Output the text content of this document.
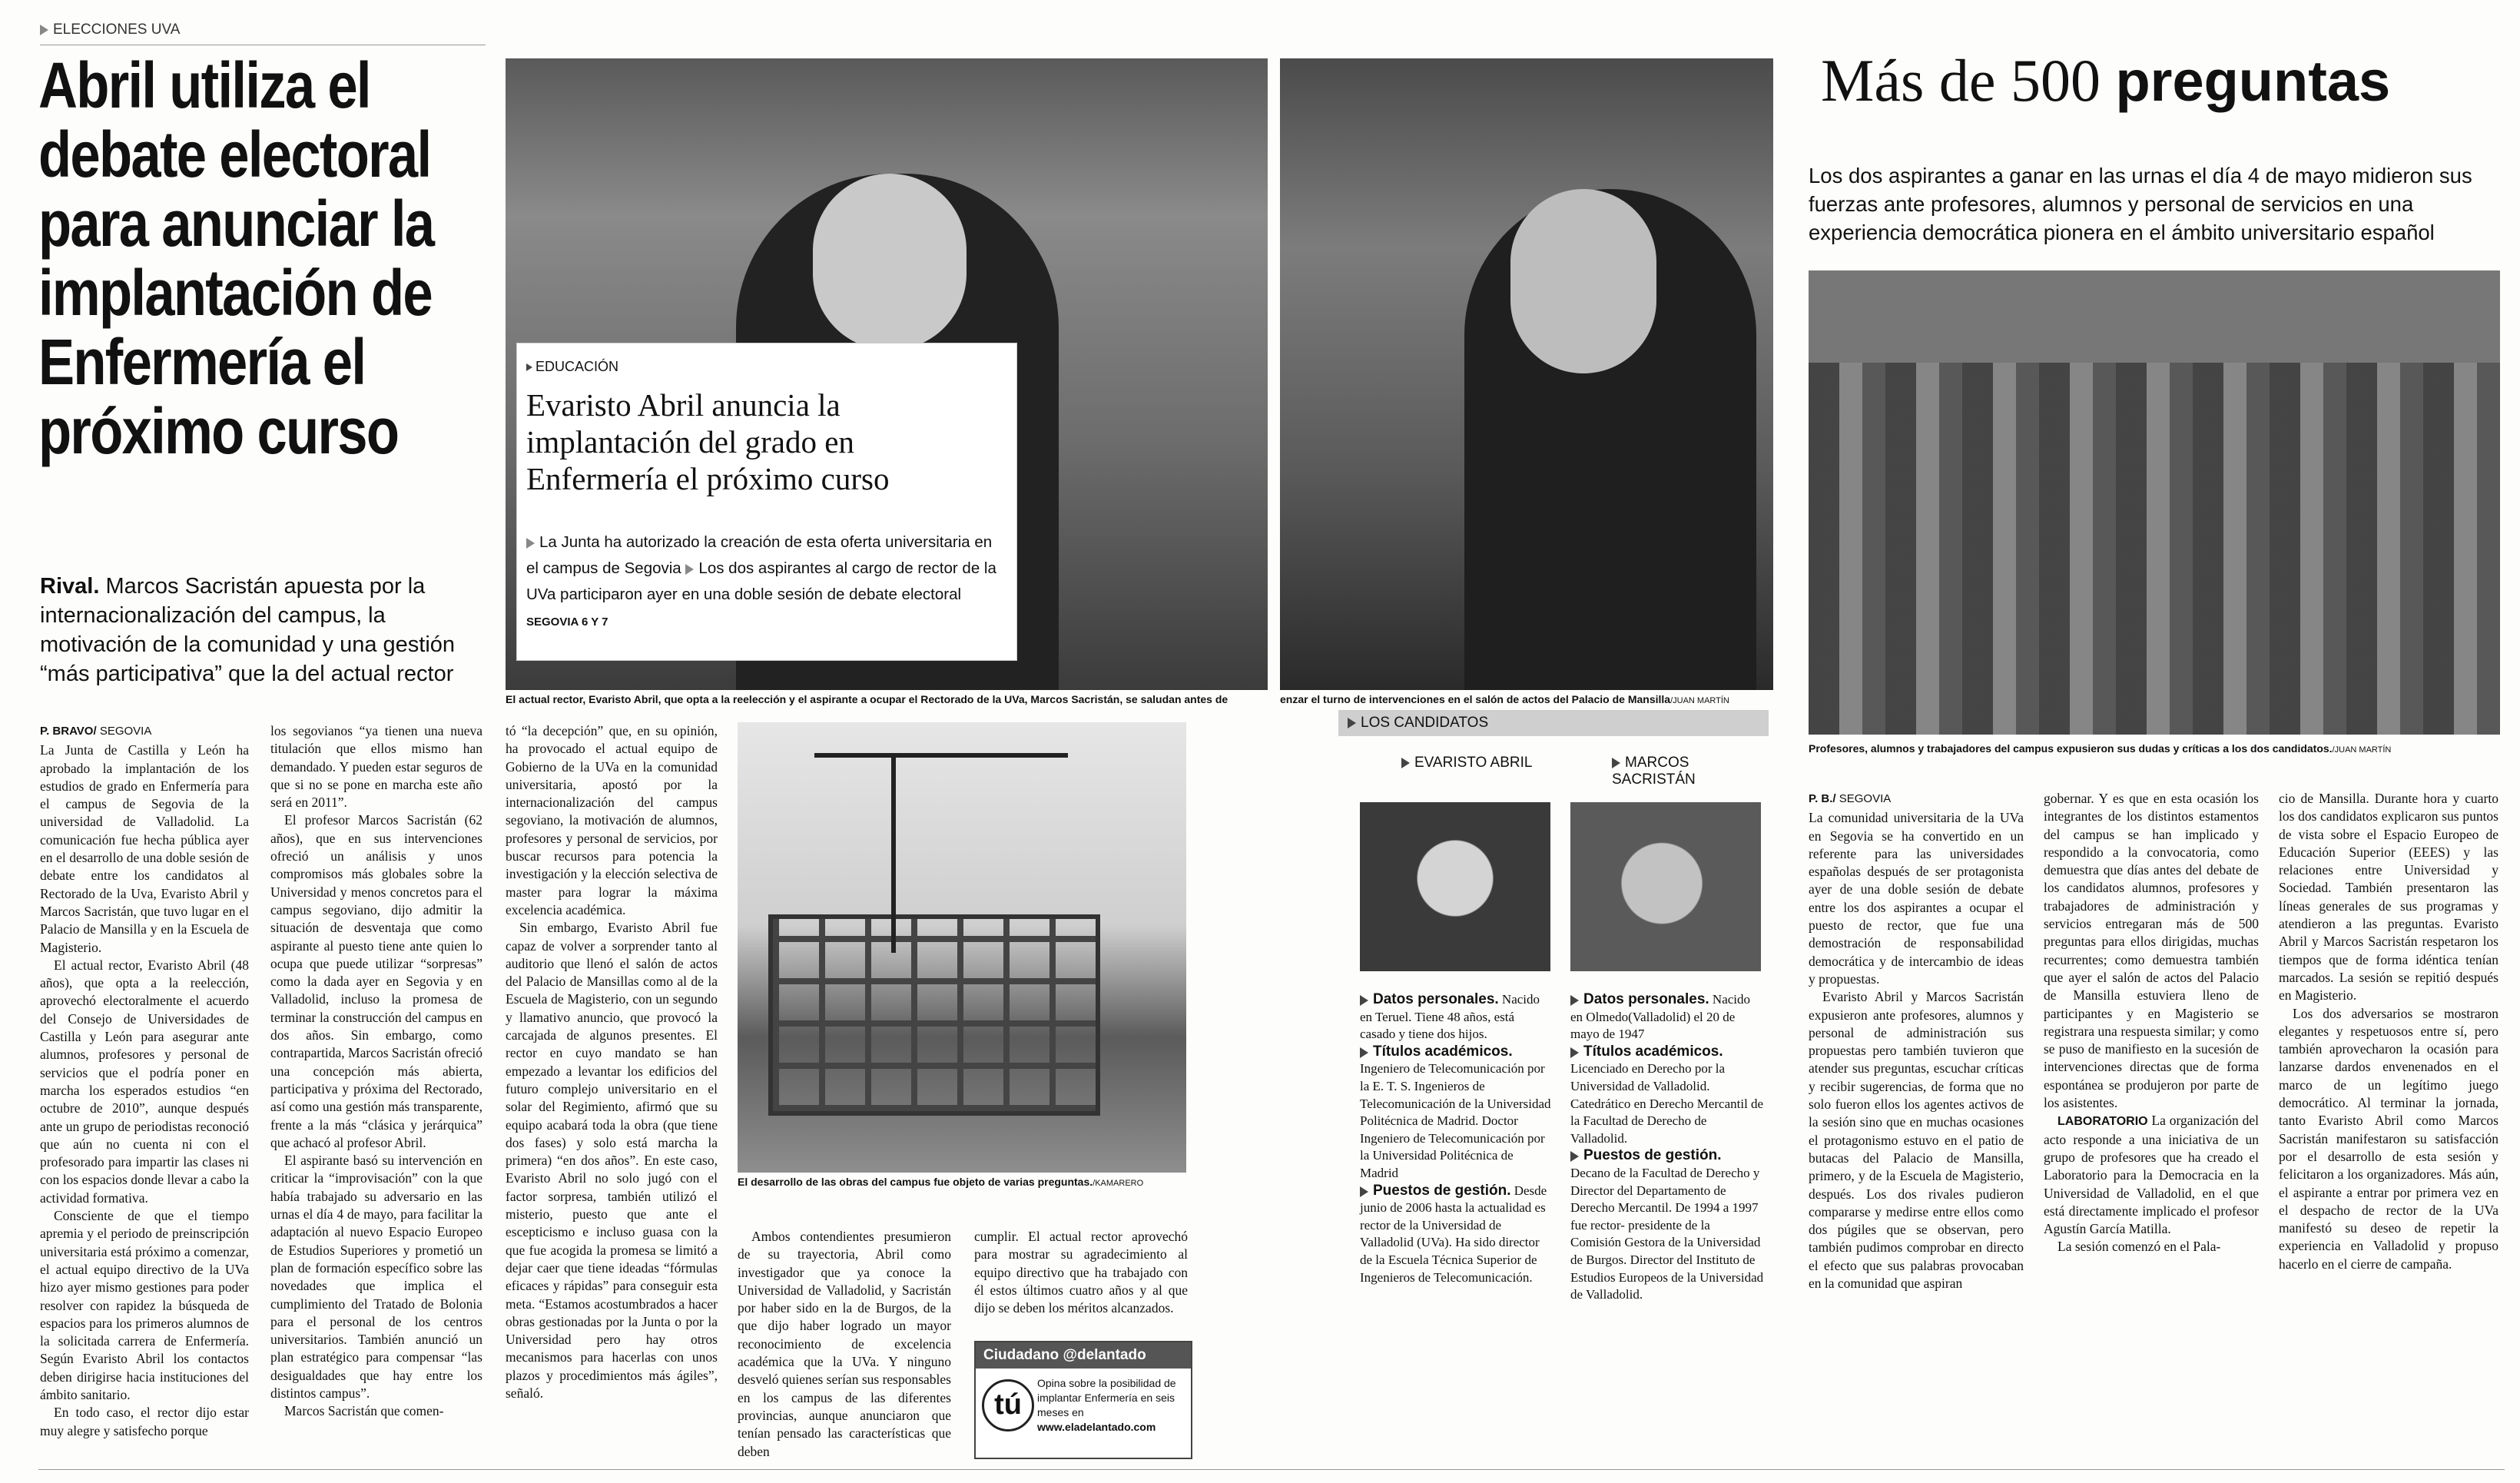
ELECCIONES UVA
Abril utiliza el debate electoral para anunciar la implantación de Enfermería el próximo curso
Rival. Marcos Sacristán apuesta por la internacionalización del campus, la motivación de la comunidad y una gestión “más participativa” que la del actual rector
P. BRAVO/ SEGOVIA

La Junta de Castilla y León ha aprobado la implantación de los estudios de grado en Enfermería para el campus de Segovia de la universidad de Valladolid. La comunicación fue hecha pública ayer en el desarrollo de una doble sesión de debate entre los candidatos al Rectorado de la Uva, Evaristo Abril y Marcos Sacristán, que tuvo lugar en el Palacio de Mansilla y en la Escuela de Magisterio.

El actual rector, Evaristo Abril (48 años), que opta a la reelección, aprovechó electoralmente el acuerdo del Consejo de Universidades de Castilla y León para asegurar ante alumnos, profesores y personal de servicios que el podría poner en marcha los esperados estudios “en octubre de 2010”, aunque después ante un grupo de periodistas reconoció que aún no cuenta ni con el profesorado para impartir las clases ni con los espacios donde llevar a cabo la actividad formativa.

Consciente de que el tiempo apremia y el periodo de preinscripción universitaria está próximo a comenzar, el actual equipo directivo de la UVa hizo ayer mismo gestiones para poder resolver con rapidez la búsqueda de espacios para los primeros alumnos de la solicitada carrera de Enfermería. Según Evaristo Abril los contactos deben dirigirse hacia instituciones del ámbito sanitario.

En todo caso, el rector dijo estar muy alegre y satisfecho porque

los segovianos “ya tienen una nueva titulación que ellos mismo han demandado. Y pueden estar seguros de que si no se pone en marcha este año será en 2011”.

El profesor Marcos Sacristán (62 años), que en sus intervenciones ofreció un análisis y unos compromisos más globales sobre la Universidad y menos concretos para el campus segoviano, dijo admitir la situación de desventaja que como aspirante al puesto tiene ante quien lo ocupa que puede utilizar “sorpresas” como la dada ayer en Segovia y en Valladolid, incluso la promesa de terminar la construcción del campus en dos años. Sin embargo, como contrapartida, Marcos Sacristán ofreció una concepción más abierta, participativa y próxima del Rectorado, así como una gestión más transparente, frente a la más “clásica y jerárquica” que achacó al profesor Abril.

El aspirante basó su intervención en criticar la “improvisación” con la que había trabajado su adversario en las urnas el día 4 de mayo, para facilitar la adaptación al nuevo Espacio Europeo de Estudios Superiores y prometió un plan de formación específico sobre las novedades que implica el cumplimiento del Tratado de Bolonia para el personal de los centros universitarios. También anunció un plan estratégico para compensar “las desigualdades que hay entre los distintos campus”.

Marcos Sacristán que comen-

tó “la decepción” que, en su opinión, ha provocado el actual equipo de Gobierno de la UVa en la comunidad universitaria, apostó por la internacionalización del campus segoviano, la motivación de alumnos, profesores y personal de servicios, por buscar recursos para potencia la investigación y la elección selectiva de master para lograr la máxima excelencia académica.

Sin embargo, Evaristo Abril fue capaz de volver a sorprender tanto al auditorio que llenó el salón de actos del Palacio de Mansillas como al de la Escuela de Magisterio, con un segundo y llamativo anuncio, que provocó la carcajada de algunos presentes. El rector en cuyo mandato se han empezado a levantar los edificios del futuro complejo universitario en el solar del Regimiento, afirmó que su equipo acabará toda la obra (que tiene dos fases) y solo está marcha la primera) “en dos años”. En este caso, Evaristo Abril no solo jugó con el factor sorpresa, también utilizó el misterio, puesto que ante el escepticismo e incluso guasa con la que fue acogida la promesa se limitó a dejar caer que tiene ideadas “fórmulas eficaces y rápidas” para conseguir esta meta. “Estamos acostumbrados a hacer obras gestionadas por la Junta o por la Universidad pero hay otros mecanismos para hacerlas con unos plazos y procedimientos más ágiles”, señaló.

EDUCACIÓN
Evaristo Abril anuncia la implantación del grado en Enfermería el próximo curso
La Junta ha autorizado la creación de esta oferta universitaria en el campus de Segovia Los dos aspirantes al cargo de rector de la UVa participaron ayer en una doble sesión de debate electoral SEGOVIA 6 Y 7
El actual rector, Evaristo Abril, que opta a la reelección y el aspirante a ocupar el Rectorado de la UVa, Marcos Sacristán, se saludan antes de	enzar el turno de intervenciones en el salón de actos del Palacio de Mansilla/JUAN MARTÍN
El desarrollo de las obras del campus fue objeto de varias preguntas./KAMARERO

Ambos contendientes presumieron de su trayectoria, Abril como investigador que ya conoce la Universidad de Valladolid, y Sacristán por haber sido en la de Burgos, de la que dijo haber logrado un mayor reconocimiento de excelencia académica que la UVa. Y ninguno desveló quienes serían sus responsables en los campus de las diferentes provincias, aunque anunciaron que tenían pensado las características que deben

cumplir. El actual rector aprovechó para mostrar su agradecimiento al equipo directivo que ha trabajado con él estos últimos cuatro años y al que dijo se deben los méritos alcanzados.

Ciudadano @delantado
tú
Opina sobre la posibilidad de implantar Enfermería en seis meses en
www.eladelantado.com
LOS CANDIDATOS
EVARISTO ABRIL	MARCOS SACRISTÁN
Datos personales. Nacido en Teruel. Tiene 48 años, está casado y tiene dos hijos.
Títulos académicos. Ingeniero de Telecomunicación por la E. T. S. Ingenieros de Telecomunicación de la Universidad Politécnica de Madrid. Doctor Ingeniero de Telecomunicación por la Universidad Politécnica de Madrid
Puestos de gestión. Desde junio de 2006 hasta la actualidad es rector de la Universidad de Valladolid (UVa). Ha sido director de la Escuela Técnica Superior de Ingenieros de Telecomunicación.
Datos personales. Nacido en Olmedo(Valladolid) el 20 de mayo de 1947
Títulos académicos. Licenciado en Derecho por la Universidad de Valladolid. Catedrático en Derecho Mercantil de la Facultad de Derecho de Valladolid.
Puestos de gestión. Decano de la Facultad de Derecho y Director del Departamento de Derecho Mercantil. De 1994 a 1997 fue rector- presidente de la Comisión Gestora de la Universidad de Burgos. Director del Instituto de Estudios Europeos de la Universidad de Valladolid.
Más de 500 preguntas
Los dos aspirantes a ganar en las urnas el día 4 de mayo midieron sus fuerzas ante profesores, alumnos y personal de servicios en una experiencia democrática pionera en el ámbito universitario español
Profesores, alumnos y trabajadores del campus expusieron sus dudas y críticas a los dos candidatos./JUAN MARTÍN
P. B./ SEGOVIA

La comunidad universitaria de la UVa en Segovia se ha convertido en un referente para las universidades españolas después de ser protagonista ayer de una doble sesión de debate entre los dos aspirantes a ocupar el puesto de rector, que fue una demostración de responsabilidad democrática y de intercambio de ideas y propuestas.

Evaristo Abril y Marcos Sacristán expusieron ante profesores, alumnos y personal de administración sus propuestas pero también tuvieron que atender sus preguntas, escuchar críticas y recibir sugerencias, de forma que no solo fueron ellos los agentes activos de la sesión sino que en muchas ocasiones el protagonismo estuvo en el patio de butacas del Palacio de Mansilla, primero, y de la Escuela de Magisterio, después. Los dos rivales pudieron compararse y medirse entre ellos como dos púgiles que se observan, pero también pudimos comprobar en directo el efecto que sus palabras provocaban en la comunidad que aspiran

gobernar. Y es que en esta ocasión los integrantes de los distintos estamentos del campus se han implicado y respondido a la convocatoria, como demuestra que días antes del debate de los candidatos alumnos, profesores y trabajadores de administración y servicios entregaran más de 500 preguntas para ellos dirigidas, muchas recurrentes; como demuestra también que ayer el salón de actos del Palacio de Mansilla estuviera lleno de participantes y en Magisterio se registrara una respuesta similar; y como se puso de manifiesto en la sucesión de intervenciones directas que de forma espontánea se produjeron por parte de los asistentes.

LABORATORIO La organización del acto responde a una iniciativa de un grupo de profesores que ha creado el Laboratorio para la Democracia en la Universidad de Valladolid, en el que está directamente implicado el profesor Agustín García Matilla.

La sesión comenzó en el Pala-

cio de Mansilla. Durante hora y cuarto los dos candidatos explicaron sus puntos de vista sobre el Espacio Europeo de Educación Superior (EEES) y las relaciones entre Universidad y Sociedad. También presentaron las líneas generales de sus programas y atendieron a las preguntas. Evaristo Abril y Marcos Sacristán respetaron los tiempos que de forma idéntica tenían marcados. La sesión se repitió después en Magisterio.

Los dos adversarios se mostraron elegantes y respetuosos entre sí, pero también aprovecharon la ocasión para lanzarse dardos envenenados en el marco de un legítimo juego democrático. Al terminar la jornada, tanto Evaristo Abril como Marcos Sacristán manifestaron su satisfacción por el desarrollo de esta sesión y felicitaron a los organizadores. Más aún, el aspirante a entrar por primera vez en el despacho de rector de la UVa manifestó su deseo de repetir la experiencia en Valladolid y propuso hacerlo en el cierre de campaña.
